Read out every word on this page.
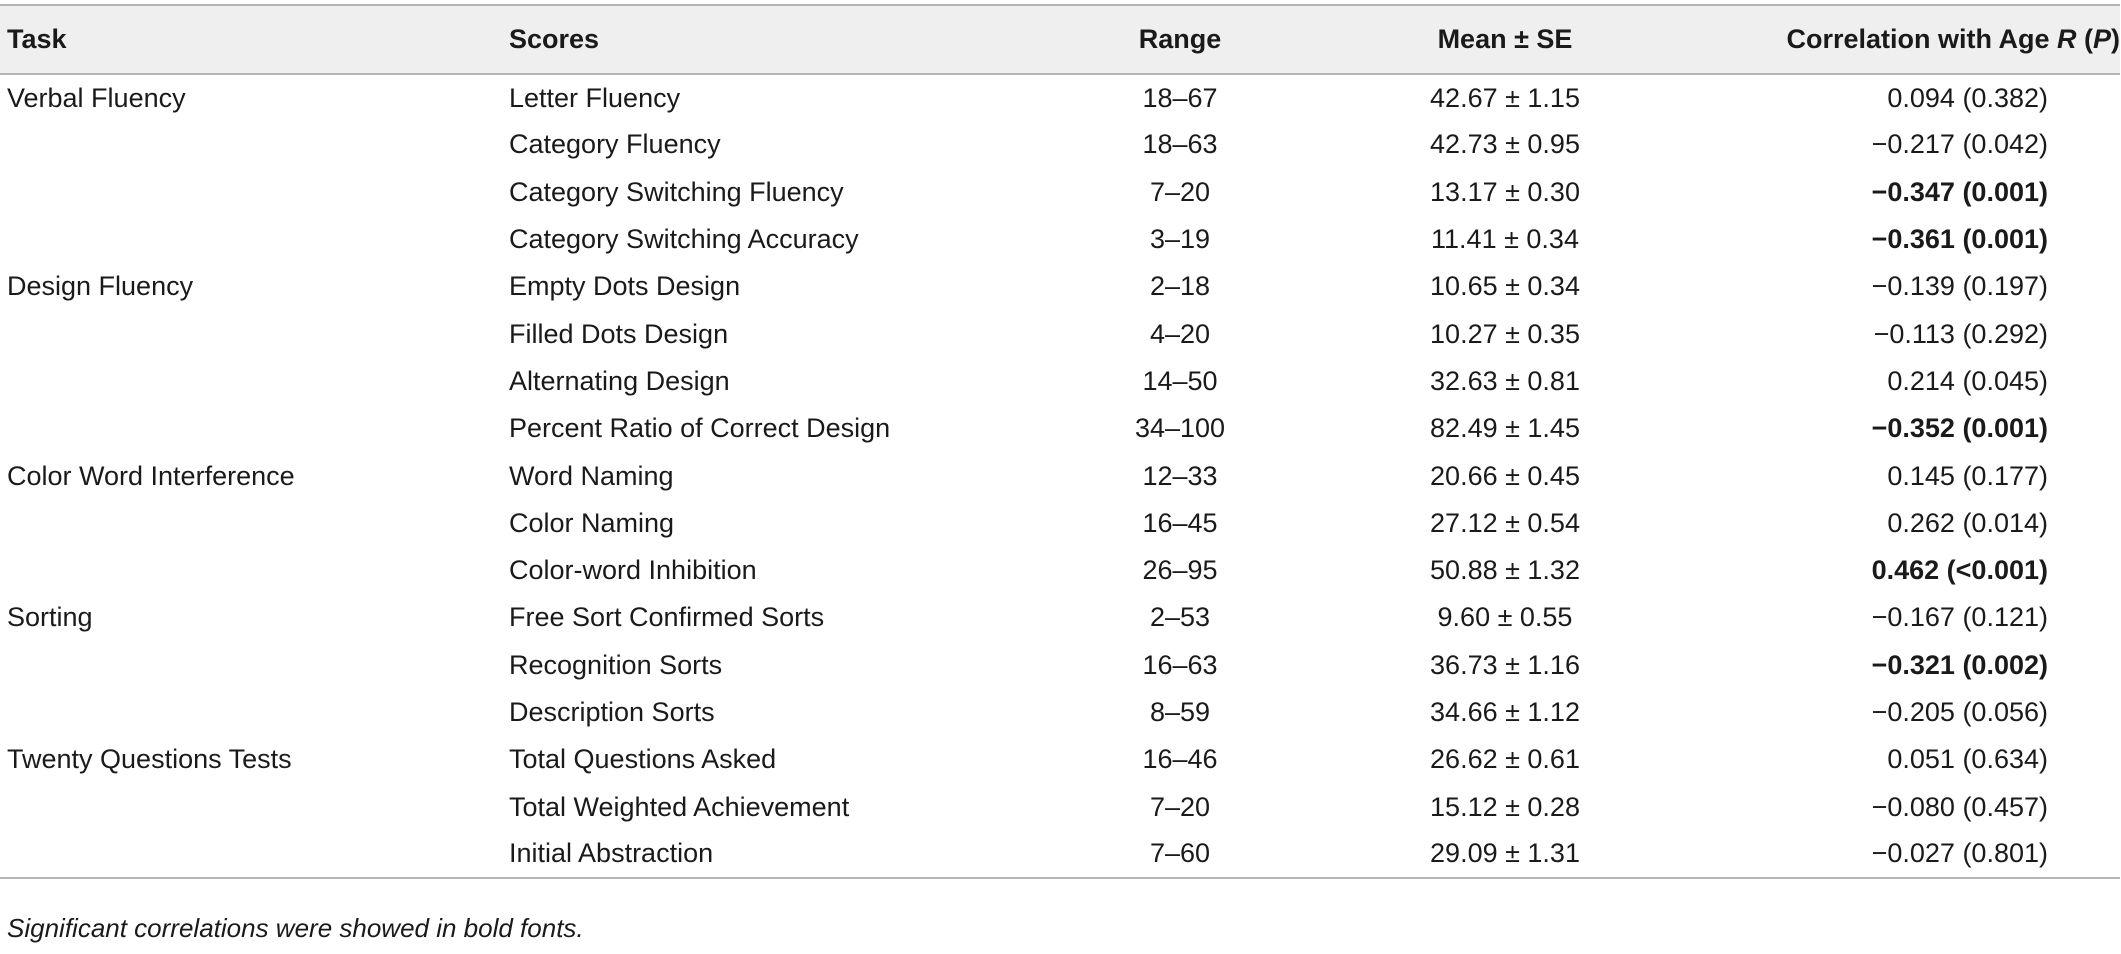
Task	Scores	Range	Mean ± SE	Correlation with Age R (P)
Verbal Fluency	Letter Fluency	18–67	42.67 ± 1.15	0.094 (0.382)
	Category Fluency	18–63	42.73 ± 0.95	−0.217 (0.042)
	Category Switching Fluency	7–20	13.17 ± 0.30	−0.347 (0.001)
	Category Switching Accuracy	3–19	11.41 ± 0.34	−0.361 (0.001)
Design Fluency	Empty Dots Design	2–18	10.65 ± 0.34	−0.139 (0.197)
	Filled Dots Design	4–20	10.27 ± 0.35	−0.113 (0.292)
	Alternating Design	14–50	32.63 ± 0.81	0.214 (0.045)
	Percent Ratio of Correct Design	34–100	82.49 ± 1.45	−0.352 (0.001)
Color Word Interference	Word Naming	12–33	20.66 ± 0.45	0.145 (0.177)
	Color Naming	16–45	27.12 ± 0.54	0.262 (0.014)
	Color-word Inhibition	26–95	50.88 ± 1.32	0.462 (<0.001)
Sorting	Free Sort Confirmed Sorts	2–53	9.60 ± 0.55	−0.167 (0.121)
	Recognition Sorts	16–63	36.73 ± 1.16	−0.321 (0.002)
	Description Sorts	8–59	34.66 ± 1.12	−0.205 (0.056)
Twenty Questions Tests	Total Questions Asked	16–46	26.62 ± 0.61	0.051 (0.634)
	Total Weighted Achievement	7–20	15.12 ± 0.28	−0.080 (0.457)
	Initial Abstraction	7–60	29.09 ± 1.31	−0.027 (0.801)
Significant correlations were showed in bold fonts.
